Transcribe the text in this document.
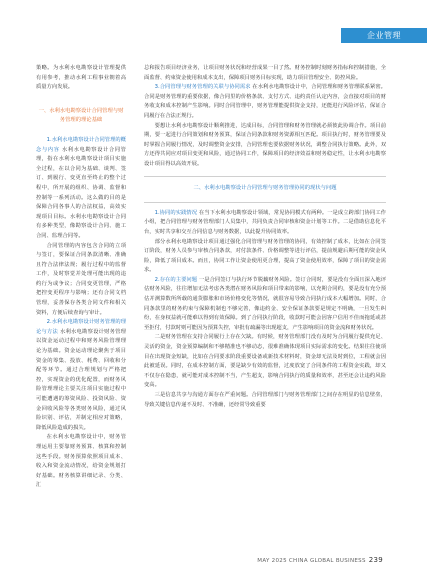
企业管理

策略。为水利水电勘察设计管理提供有用参考，推动水利工程事业朝着高质量方向发展。

一、水利水电勘察设计合同管理与财务管理的理论基础

1.水利水电勘察设计合同管理的概念与内容 水利水电勘察设计合同管理，指在水利水电勘察设计项目实施全过程，在以合同为基础、谈判、签订、到履行、变更直至终止的整个过程中，所开展的组织、协调、监督和控制等一系列活动。这么做的目的是保障合同各事人的合法权益，高效实现项目目标。水利水电勘察设计合同有多种类型，像勘察设计合同、施工合同、监理合同等。

合同管理的内容包含合同的立项与签订，要保证合同条款清晰、准确且符合法律法规；履行过程中的监督工作，及时察觉并处理可能出现的违约行为或争议；合同变更管理，严格把控变更程序与影响；还有合同文档管理，妥善保存各类合同文件和相关资料，方便后续查询与审计。

2.水利水电勘察设计财务管理的理论与方法 水利水电勘察设计财务管理以资金运动过程中和财务风险管理理论为基础。资金运动理论聚焦于项目资金的筹集、投放、耗费、回收和分配等环节。通过合理规划与严格把控，实现资金的优化配置，而财务风险管理理论主要关注项目实施过程中可能遭遇的筹资风险、投资风险、资金回收风险等各类财务风险，通过风险识别、评估，并制定相应对策略，降低风险造成的损失。

在水利水电勘察设计中，财务管理运用主要靠财务预算、核算和控制这些手段。财务预算依照项目成本、收入和资金流动情况，给资金规划打好基础。财务核算讲细记录、分类、汇

总和报告项目经济业务，让项目财务状况和经营成果一目了然。财务控制时刻财务指标和控制措施，全面监督、约束资金使用和成本支出，保障项目财务目标实现，助力项目管理安全、防控风险。

3.合同管理与财务管理的关联与协同需求 在水利水电勘察设计中，合同管理和财务管理联系紧密。合同是财务管理的重要依据，像合同里的价格条款、支付方式、违约责任认定内容，会直接对项目的财务收支和成本控制产生影响。同时合同管理中，财务管理能提供资金支持，还能进行风险评估，保证合同履行在合法正规行。

要想让水利水电勘察设计顺利推进，达成目标，合同管理和财务管理就必须彼此协调合作。项目前期，要一起进行合同策划和财务预算，保证合同条款和财务资源相互匹配。项目执行时，财务管理要及时掌握合同履行情况，及时调整资金安排，合同管理也要依据财务状况，调整合同执行策略。此外，双方还得共同应对项目变更和风险，通过协同工作，保障项目的经济效益和财务稳定性，让水利水电勘察设计项目得以高效开展。

二、水利水电勘察设计合同管理与财务管理协同的现状与问题

1.协同的实践情况 在当下水利水电勘察设计领域，常见协同模式有两种。一是成立跨部门协同工作小组，把合同管理与财务管理部门人员集中，共同负责合同审核和资金计划等工作。二是借助信息化平台，实时共享和交互合同信息与财务数据，以此提升协同效率。

部分水利水电勘察设计项目通过强化合同管理与财务管理的协同，有效控制了成本，比如在合同签订阶段，财务人员参与审核合同条款，对付款条件、价格调整等进行评估，提前规避后期可能的资金风险，降低了项目成本。而且，协同工作让资金使用更合理，提高了资金使用效率，保障了项目的资金需求。

2.存在的主要问题 一是合同签订与执行环节脱藕财务风险。签订合同时，要是没有全面且深入地评估财务风险，往往增加无法考虑各类潜在财务风险和项目带来的影响，以充期合同约，要是没有充分预估并测算数所所载的通货膨胀和市场价格变化等情况，就很容易导致合同执行成本大幅增加。同时，合同条款里的财务约束与保障机制也不够完善，像违约金、安全保证条款要是规定不明确，一旦发生纠纷，在身权益就可能难以得到有效保障。到了合同执行阶段，收款时可能会因客户信用不佳而拖延或甚至拒付，付款时则可能因为预算失控，审批有疏漏等出现超支，产生影响项目的资金流和财务状况。

二是财务管理在支持合同履行上存在欠缺。有时候，财务管理部门没有及时为合同履行提供充足、灵活的资金，资金预算编制和不够精准也不够动态，很难准确体现项目实际需求的变化。结果往往使项目在出现资金短缺，比如在合同要求阶段重要设备或新技术材料时，资金却无法及时到位，工程就会因此被延误。同时，在成本控制方面，要是缺少有效的监督，过度放宽了合同条件的工程资金实践，却又不仅存在隐患，就可能对成本控制不当，产生超支，影响合同执行的质量和效率，甚至还会让违约风险变高。

三是信息共享与沟通方面存在严重问题。合同管理部门与财务管理部门之间存在明显的信息壁垒，导致关键信息传递不及时、不准确，还经常导致重要

MAY 2025 CHINA GLOBAL BUSINESS 239
